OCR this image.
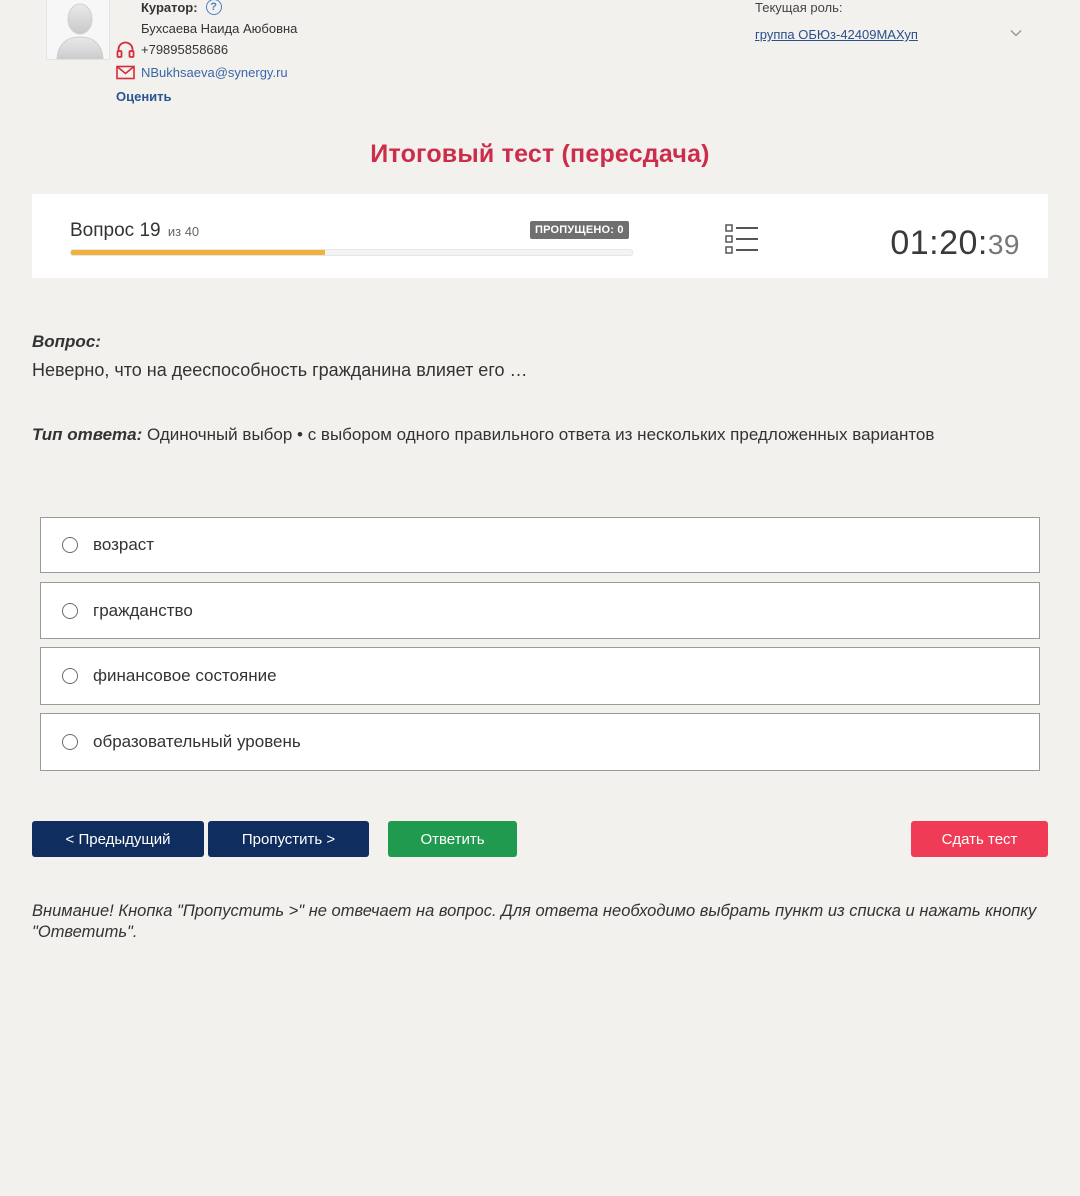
Куратор:	?
Бухсаева Наида Аюбовна
+79895858686
NBukhsaeva@synergy.ru
Оценить
Текущая роль:
группа ОБЮз-42409МАХуп
Итоговый тест (пересдача)
Вопрос 19 из 40	ПРОПУЩЕНО: 0	01:20:39
Вопрос:
Неверно, что на дееспособность гражданина влияет его …
Тип ответа: Одиночный выбор • с выбором одного правильного ответа из нескольких предложенных вариантов
возраст
гражданство
финансовое состояние
образовательный уровень
< Предыдущий	Пропустить >	Ответить	Сдать тест
Внимание! Кнопка "Пропустить >" не отвечает на вопрос. Для ответа необходимо выбрать пункт из списка и нажать кнопку "Ответить".
